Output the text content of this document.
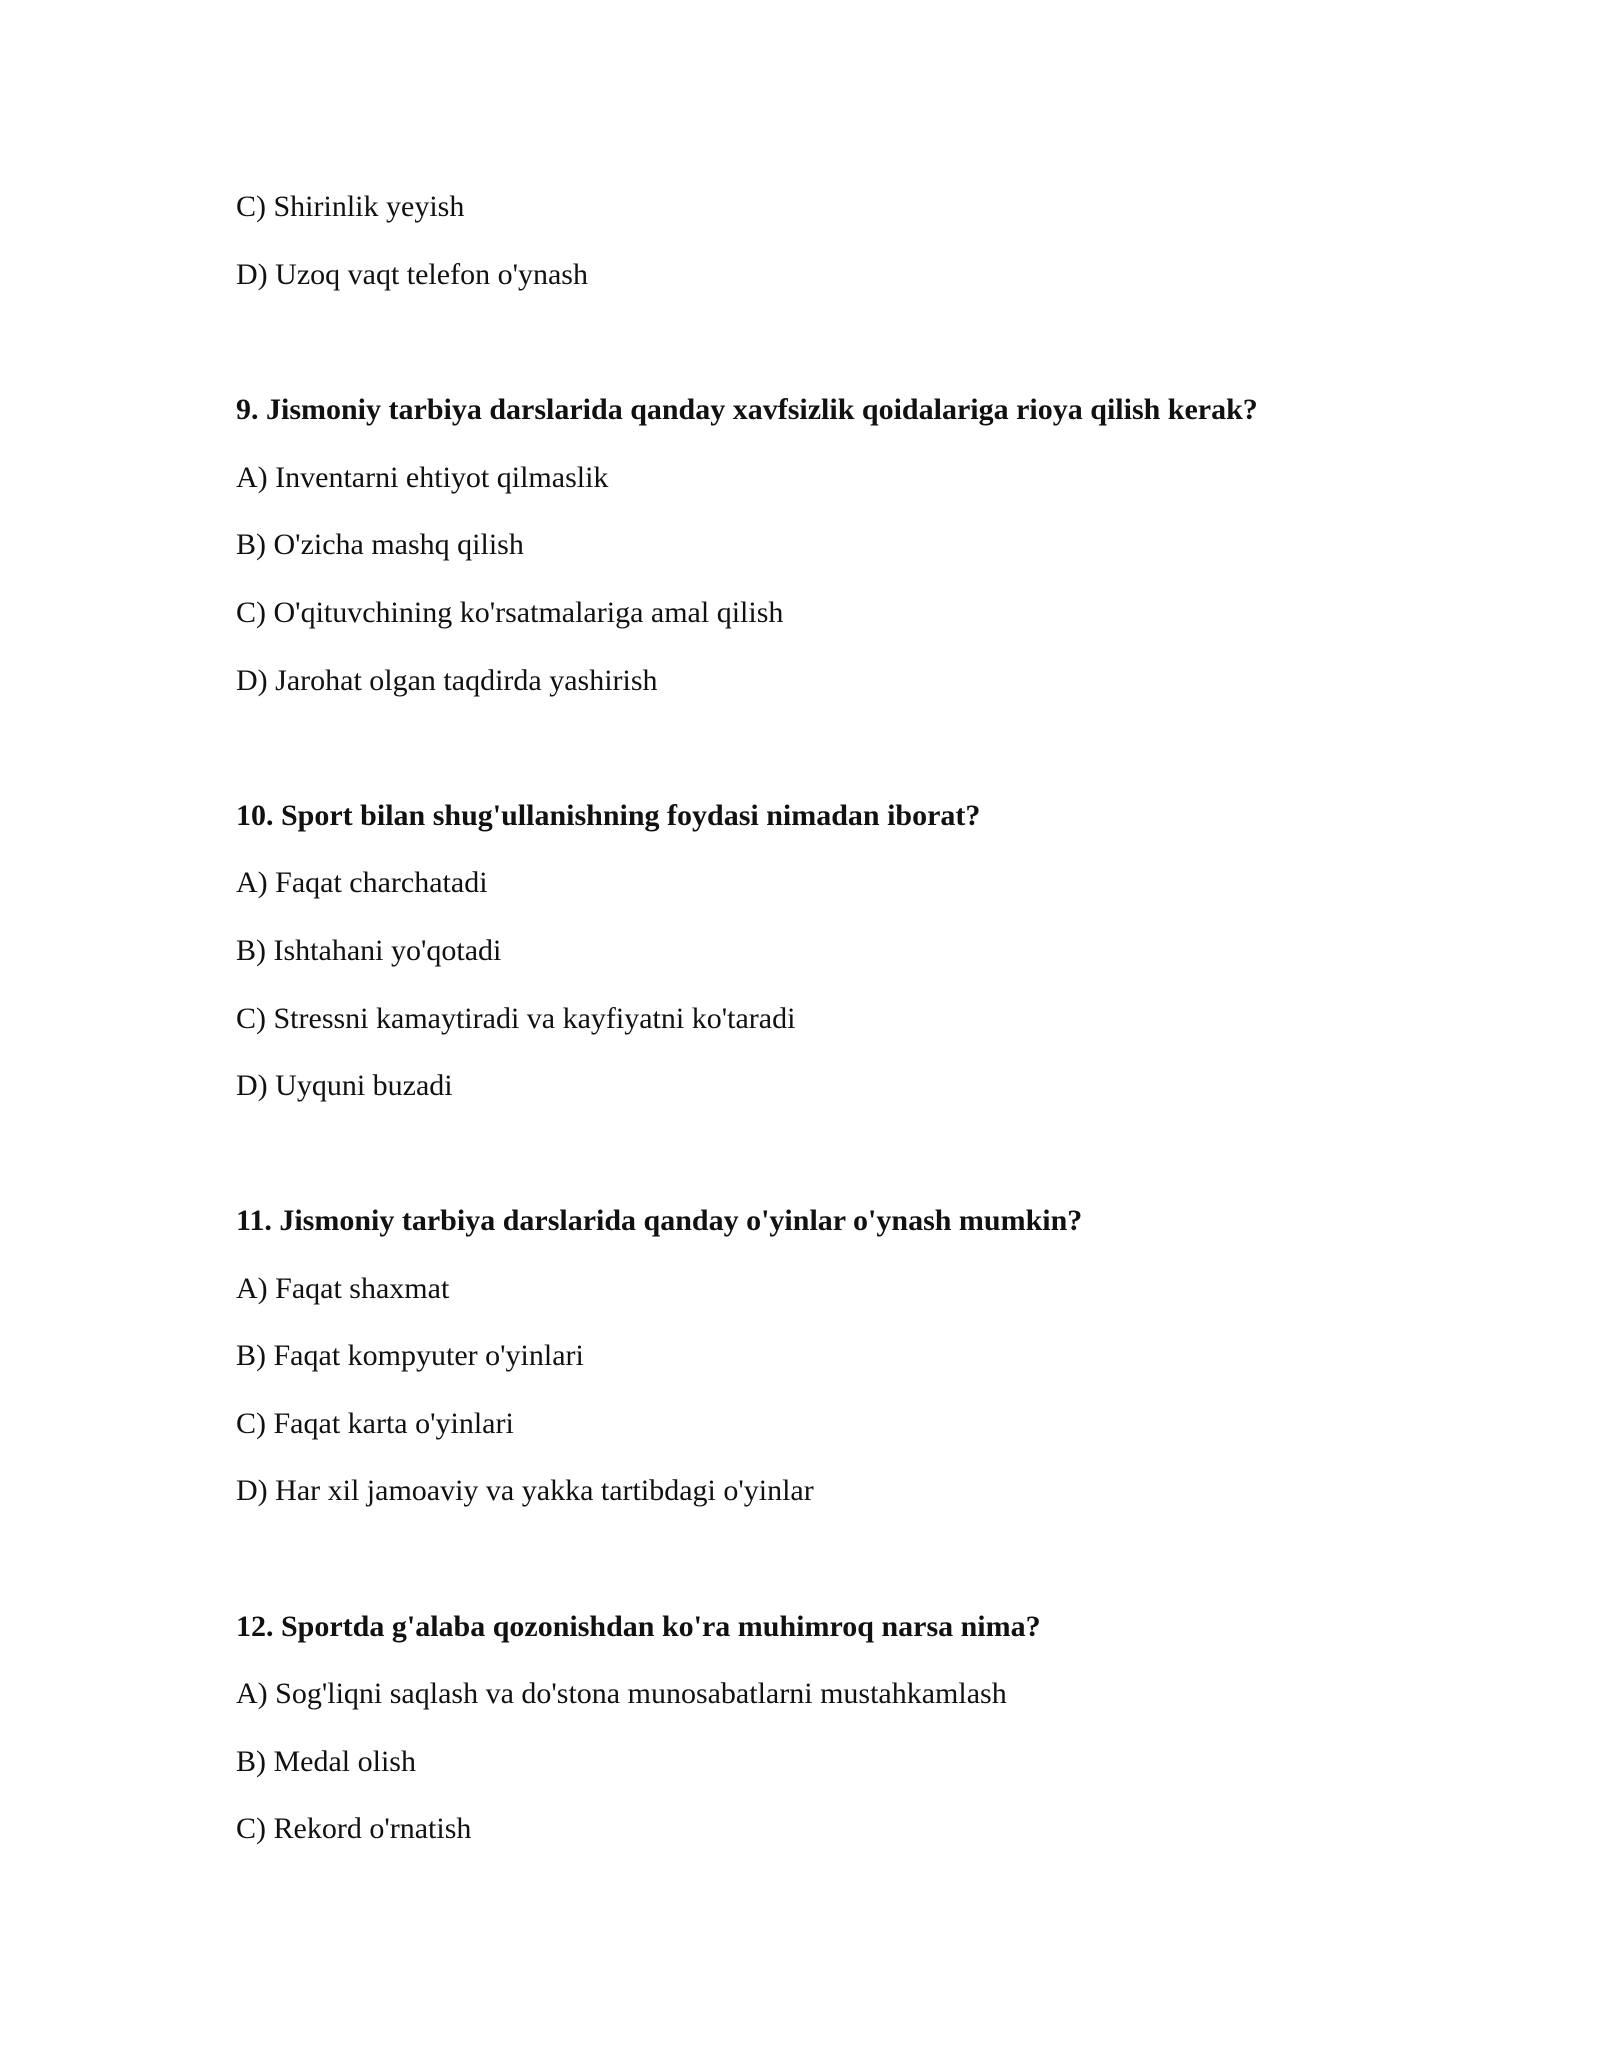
C) Shirinlik yeyish
D) Uzoq vaqt telefon o'ynash
9. Jismoniy tarbiya darslarida qanday xavfsizlik qoidalariga rioya qilish kerak?
A) Inventarni ehtiyot qilmaslik
B) O'zicha mashq qilish
C) O'qituvchining ko'rsatmalariga amal qilish
D) Jarohat olgan taqdirda yashirish
10. Sport bilan shug'ullanishning foydasi nimadan iborat?
A) Faqat charchatadi
B) Ishtahani yo'qotadi
C) Stressni kamaytiradi va kayfiyatni ko'taradi
D) Uyquni buzadi
11. Jismoniy tarbiya darslarida qanday o'yinlar o'ynash mumkin?
A) Faqat shaxmat
B) Faqat kompyuter o'yinlari
C) Faqat karta o'yinlari
D) Har xil jamoaviy va yakka tartibdagi o'yinlar
12. Sportda g'alaba qozonishdan ko'ra muhimroq narsa nima?
A) Sog'liqni saqlash va do'stona munosabatlarni mustahkamlash
B) Medal olish
C) Rekord o'rnatish
